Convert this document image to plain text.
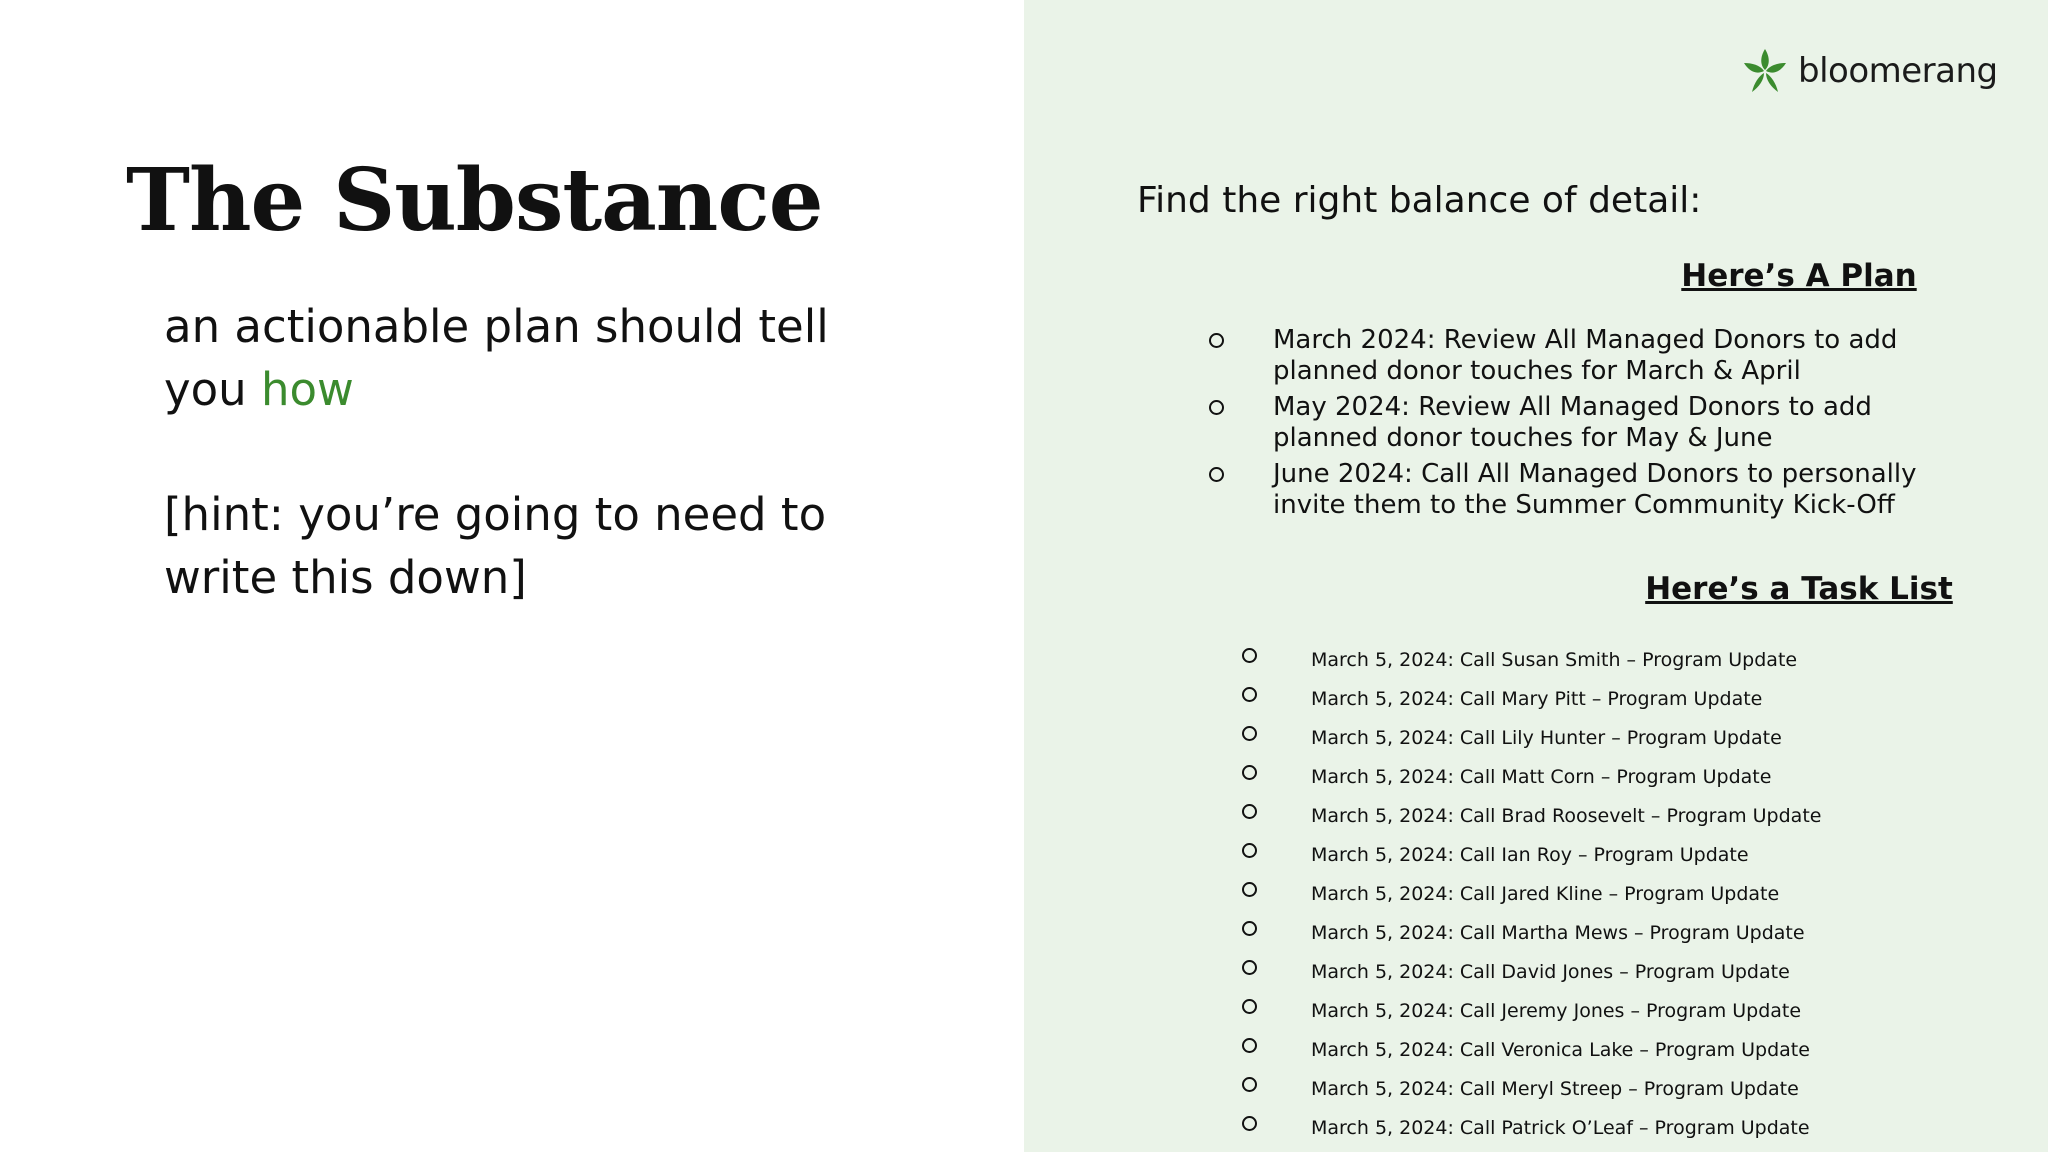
The Substance

an actionable plan should tell you how

[hint: you’re going to need to write this down]

bloomerang

Find the right balance of detail:

Here’s A Plan
March 2024: Review All Managed Donors to add planned donor touches for March & April
May 2024: Review All Managed Donors to add planned donor touches for May & June
June 2024: Call All Managed Donors to personally invite them to the Summer Community Kick-Off
Here’s a Task List
March 5, 2024: Call Susan Smith – Program Update
March 5, 2024: Call Mary Pitt – Program Update
March 5, 2024: Call Lily Hunter – Program Update
March 5, 2024: Call Matt Corn – Program Update
March 5, 2024: Call Brad Roosevelt – Program Update
March 5, 2024: Call Ian Roy – Program Update
March 5, 2024: Call Jared Kline – Program Update
March 5, 2024: Call Martha Mews – Program Update
March 5, 2024: Call David Jones – Program Update
March 5, 2024: Call Jeremy Jones – Program Update
March 5, 2024: Call Veronica Lake – Program Update
March 5, 2024: Call Meryl Streep – Program Update
March 5, 2024: Call Patrick O’Leaf – Program Update
